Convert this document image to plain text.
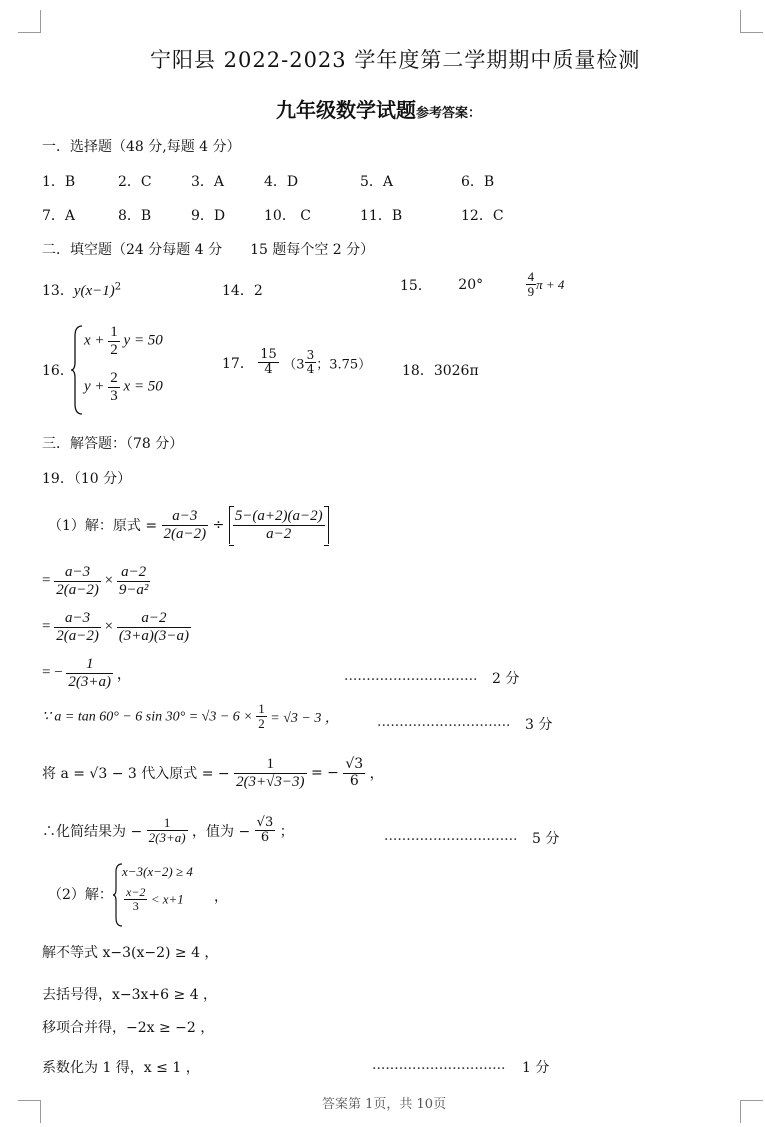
宁阳县 2022-2023 学年度第二学期期中质量检测
九年级数学试题参考答案：
一．选择题（48 分,每题 4 分）
1．B	2．C	3．A	4．D	5．A	6．B
7．A	8．B	9．D	10． C	11．B	12．C
二．填空题（24 分每题 4 分　　15 题每个空 2 分）
13．$y(x-1)^2$	14．2	15． 20°	$\frac{4}{9}$ π + 4
16．
$x + \frac{1}{2}$ y = 50
$y + \frac{2}{3}$ x = 50
17． $\frac{15}{4} (3 \frac{3}{4}$ ；3.75） 18．3026π
三．解答题：（78 分）
19．（10 分）
（1）解：原式 = $\frac{a-3}{2(a-2)} \div \frac{5-(a+2)(a-2)}{a-2}$
= $\frac{a-3}{2(a-2)} \times \frac{a-2}{\text{9−a²}}$
= $\frac{a-3}{2(a-2)} \times \frac{a-2}{(3+a)(3-a)}$
= − $\frac{1}{2(3+a)}$ ，	.............................. 2 分
∵ a = tan 60° − 6 $\sin 30^\circ = √3 - 6 \times \frac{1}{2} = √3 - 3$ ，	.............................. 3 分
将 a = √3 − 3 代入原式 = − $\frac{1}{2(3+√3-3)}$ = − $\frac{√3}{6}$ ，
∴化简结果为 − $\frac{1}{2(3+a)}$ ，值为 − $\frac{√3}{6}$ ；	.............................. 5 分
（2）解：
x−3(x−2) ≥ 4
$\frac{x-2}{3} < x+1$ ，
解不等式 x−3(x−2) ≥ 4 ，
去括号得，x−3x+6 ≥ 4 ，
移项合并得，−2x ≥ −2 ，
系数化为 1 得，x ≤ 1 ，	.............................. 1 分
答案第 1页，共 10页
